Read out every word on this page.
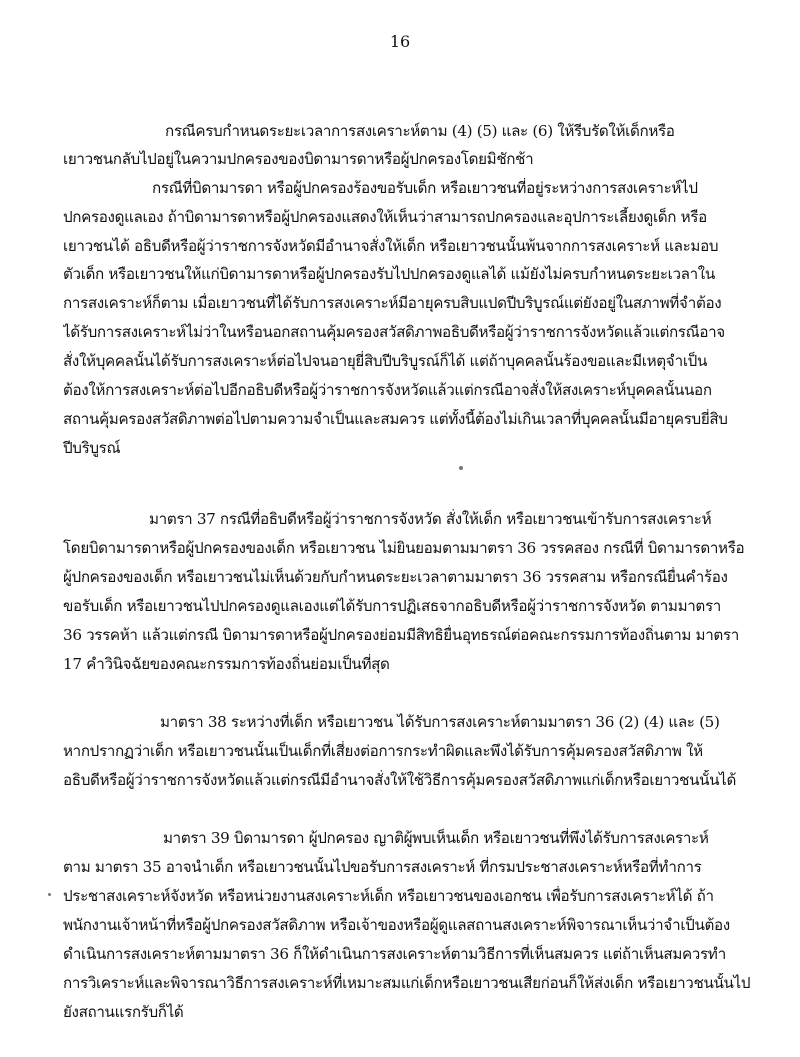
16
กรณีครบกำหนดระยะเวลาการสงเคราะห์ตาม (4) (5) และ (6) ให้รีบรัดให้เด็กหรือ
เยาวชนกลับไปอยู่ในความปกครองของบิดามารดาหรือผู้ปกครองโดยมิชักช้า
กรณีที่บิดามารดา หรือผู้ปกครองร้องขอรับเด็ก หรือเยาวชนที่อยู่ระหว่างการสงเคราะห์ไป
ปกครองดูแลเอง ถ้าบิดามารดาหรือผู้ปกครองแสดงให้เห็นว่าสามารถปกครองและอุปการะเลี้ยงดูเด็ก หรือ
เยาวชนได้ อธิบดีหรือผู้ว่าราชการจังหวัดมีอำนาจสั่งให้เด็ก หรือเยาวชนนั้นพ้นจากการสงเคราะห์ และมอบ
ตัวเด็ก หรือเยาวชนให้แก่บิดามารดาหรือผู้ปกครองรับไปปกครองดูแลได้ แม้ยังไม่ครบกำหนดระยะเวลาใน
การสงเคราะห์ก็ตาม เมื่อเยาวชนที่ได้รับการสงเคราะห์มีอายุครบสิบแปดปีบริบูรณ์แต่ยังอยู่ในสภาพที่จำต้อง
ได้รับการสงเคราะห์ไม่ว่าในหรือนอกสถานคุ้มครองสวัสดิภาพอธิบดีหรือผู้ว่าราชการจังหวัดแล้วแต่กรณีอาจ
สั่งให้บุคคลนั้นได้รับการสงเคราะห์ต่อไปจนอายุยี่สิบปีบริบูรณ์ก็ได้ แต่ถ้าบุคคลนั้นร้องขอและมีเหตุจำเป็น
ต้องให้การสงเคราะห์ต่อไปอีกอธิบดีหรือผู้ว่าราชการจังหวัดแล้วแต่กรณีอาจสั่งให้สงเคราะห์บุคคลนั้นนอก
สถานคุ้มครองสวัสดิภาพต่อไปตามความจำเป็นและสมควร แต่ทั้งนี้ต้องไม่เกินเวลาที่บุคคลนั้นมีอายุครบยี่สิบ
ปีบริบูรณ์
มาตรา 37 กรณีที่อธิบดีหรือผู้ว่าราชการจังหวัด สั่งให้เด็ก หรือเยาวชนเข้ารับการสงเคราะห์
โดยบิดามารดาหรือผู้ปกครองของเด็ก หรือเยาวชน ไม่ยินยอมตามมาตรา 36 วรรคสอง กรณีที่ บิดามารดาหรือ
ผู้ปกครองของเด็ก หรือเยาวชนไม่เห็นด้วยกับกำหนดระยะเวลาตามมาตรา 36 วรรคสาม หรือกรณียื่นคำร้อง
ขอรับเด็ก หรือเยาวชนไปปกครองดูแลเองแต่ได้รับการปฏิเสธจากอธิบดีหรือผู้ว่าราชการจังหวัด ตามมาตรา
36 วรรคห้า แล้วแต่กรณี บิดามารดาหรือผู้ปกครองย่อมมีสิทธิยื่นอุทธรณ์ต่อคณะกรรมการท้องถิ่นตาม มาตรา
17 คำวินิจฉัยของคณะกรรมการท้องถิ่นย่อมเป็นที่สุด
มาตรา 38 ระหว่างที่เด็ก หรือเยาวชน ได้รับการสงเคราะห์ตามมาตรา 36 (2) (4) และ (5)
หากปรากฏว่าเด็ก หรือเยาวชนนั้นเป็นเด็กที่เสี่ยงต่อการกระทำผิดและพึงได้รับการคุ้มครองสวัสดิภาพ ให้
อธิบดีหรือผู้ว่าราชการจังหวัดแล้วแต่กรณีมีอำนาจสั่งให้ใช้วิธีการคุ้มครองสวัสดิภาพแก่เด็กหรือเยาวชนนั้นได้
มาตรา 39 บิดามารดา ผู้ปกครอง ญาติผู้พบเห็นเด็ก หรือเยาวชนที่พึงได้รับการสงเคราะห์
ตาม มาตรา 35 อาจนำเด็ก หรือเยาวชนนั้นไปขอรับการสงเคราะห์ ที่กรมประชาสงเคราะห์หรือที่ทำการ
ประชาสงเคราะห์จังหวัด หรือหน่วยงานสงเคราะห์เด็ก หรือเยาวชนของเอกชน เพื่อรับการสงเคราะห์ได้ ถ้า
พนักงานเจ้าหน้าที่หรือผู้ปกครองสวัสดิภาพ หรือเจ้าของหรือผู้ดูแลสถานสงเคราะห์พิจารณาเห็นว่าจำเป็นต้อง
ดำเนินการสงเคราะห์ตามมาตรา 36 ก็ให้ดำเนินการสงเคราะห์ตามวิธีการที่เห็นสมควร แต่ถ้าเห็นสมควรทำ
การวิเคราะห์และพิจารณาวิธีการสงเคราะห์ที่เหมาะสมแก่เด็กหรือเยาวชนเสียก่อนก็ให้ส่งเด็ก หรือเยาวชนนั้นไป
ยังสถานแรกรับก็ได้
